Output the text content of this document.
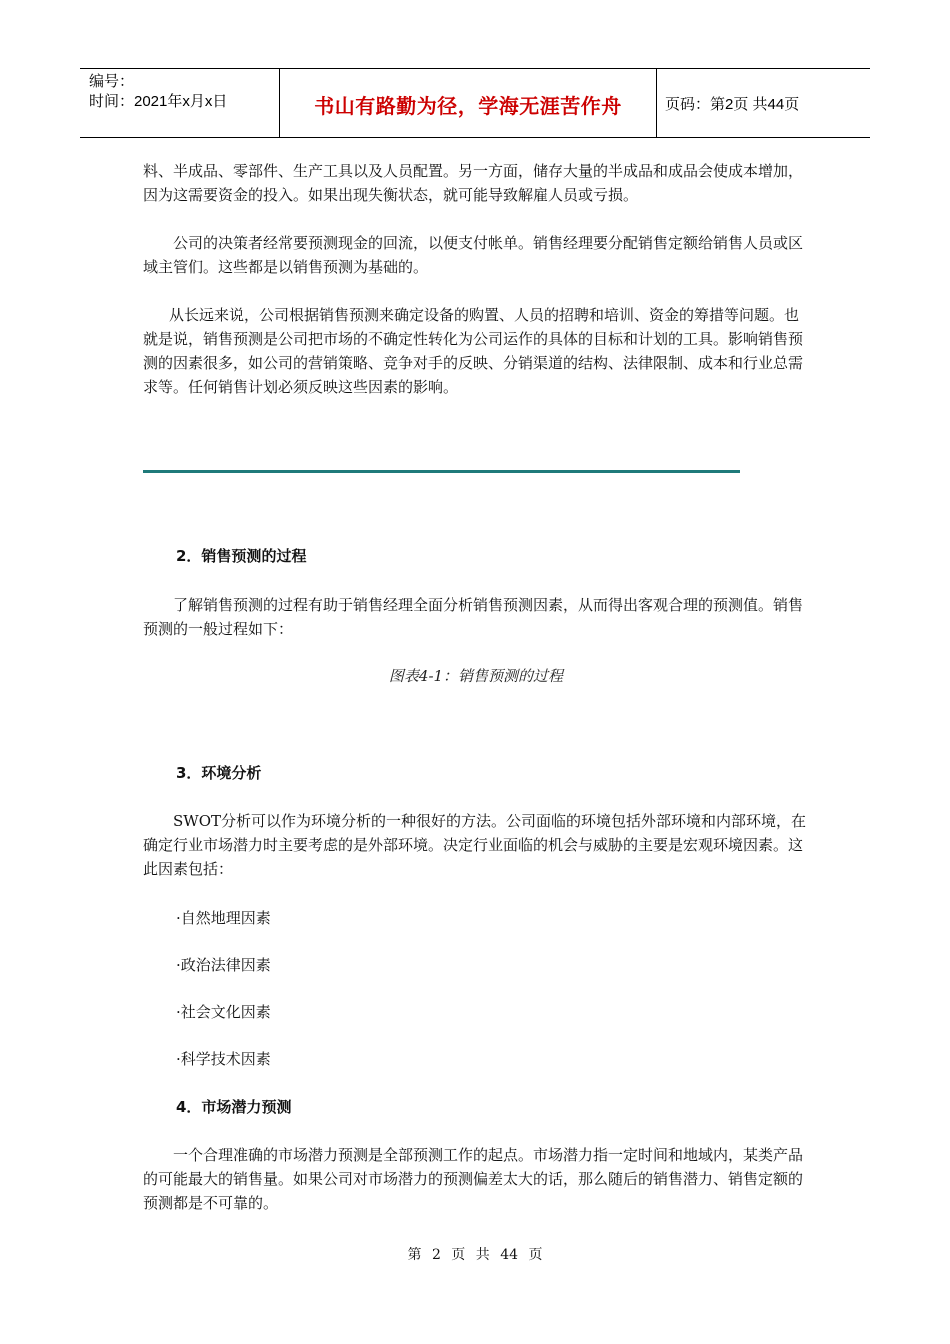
编号：
时间：2021年x月x日	书山有路勤为径，学海无涯苦作舟	页码：第2页 共44页

料、半成品、零部件、生产工具以及人员配置。另一方面，储存大量的半成品和成品会使成本增加，因为这需要资金的投入。如果出现失衡状态，就可能导致解雇人员或亏损。

公司的决策者经常要预测现金的回流，以便支付帐单。销售经理要分配销售定额给销售人员或区域主管们。这些都是以销售预测为基础的。

从长远来说，公司根据销售预测来确定设备的购置、人员的招聘和培训、资金的筹措等问题。也就是说，销售预测是公司把市场的不确定性转化为公司运作的具体的目标和计划的工具。影响销售预测的因素很多，如公司的营销策略、竞争对手的反映、分销渠道的结构、法律限制、成本和行业总需求等。任何销售计划必须反映这些因素的影响。

2．销售预测的过程

了解销售预测的过程有助于销售经理全面分析销售预测因素，从而得出客观合理的预测值。销售预测的一般过程如下：

图表4-1：销售预测的过程

3．环境分析

SWOT分析可以作为环境分析的一种很好的方法。公司面临的环境包括外部环境和内部环境，在确定行业市场潜力时主要考虑的是外部环境。决定行业面临的机会与威胁的主要是宏观环境因素。这此因素包括：

·自然地理因素

·政治法律因素

·社会文化因素

·科学技术因素

4．市场潜力预测

一个合理准确的市场潜力预测是全部预测工作的起点。市场潜力指一定时间和地域内，某类产品的可能最大的销售量。如果公司对市场潜力的预测偏差太大的话，那么随后的销售潜力、销售定额的预测都是不可靠的。

第 2 页 共 44 页
